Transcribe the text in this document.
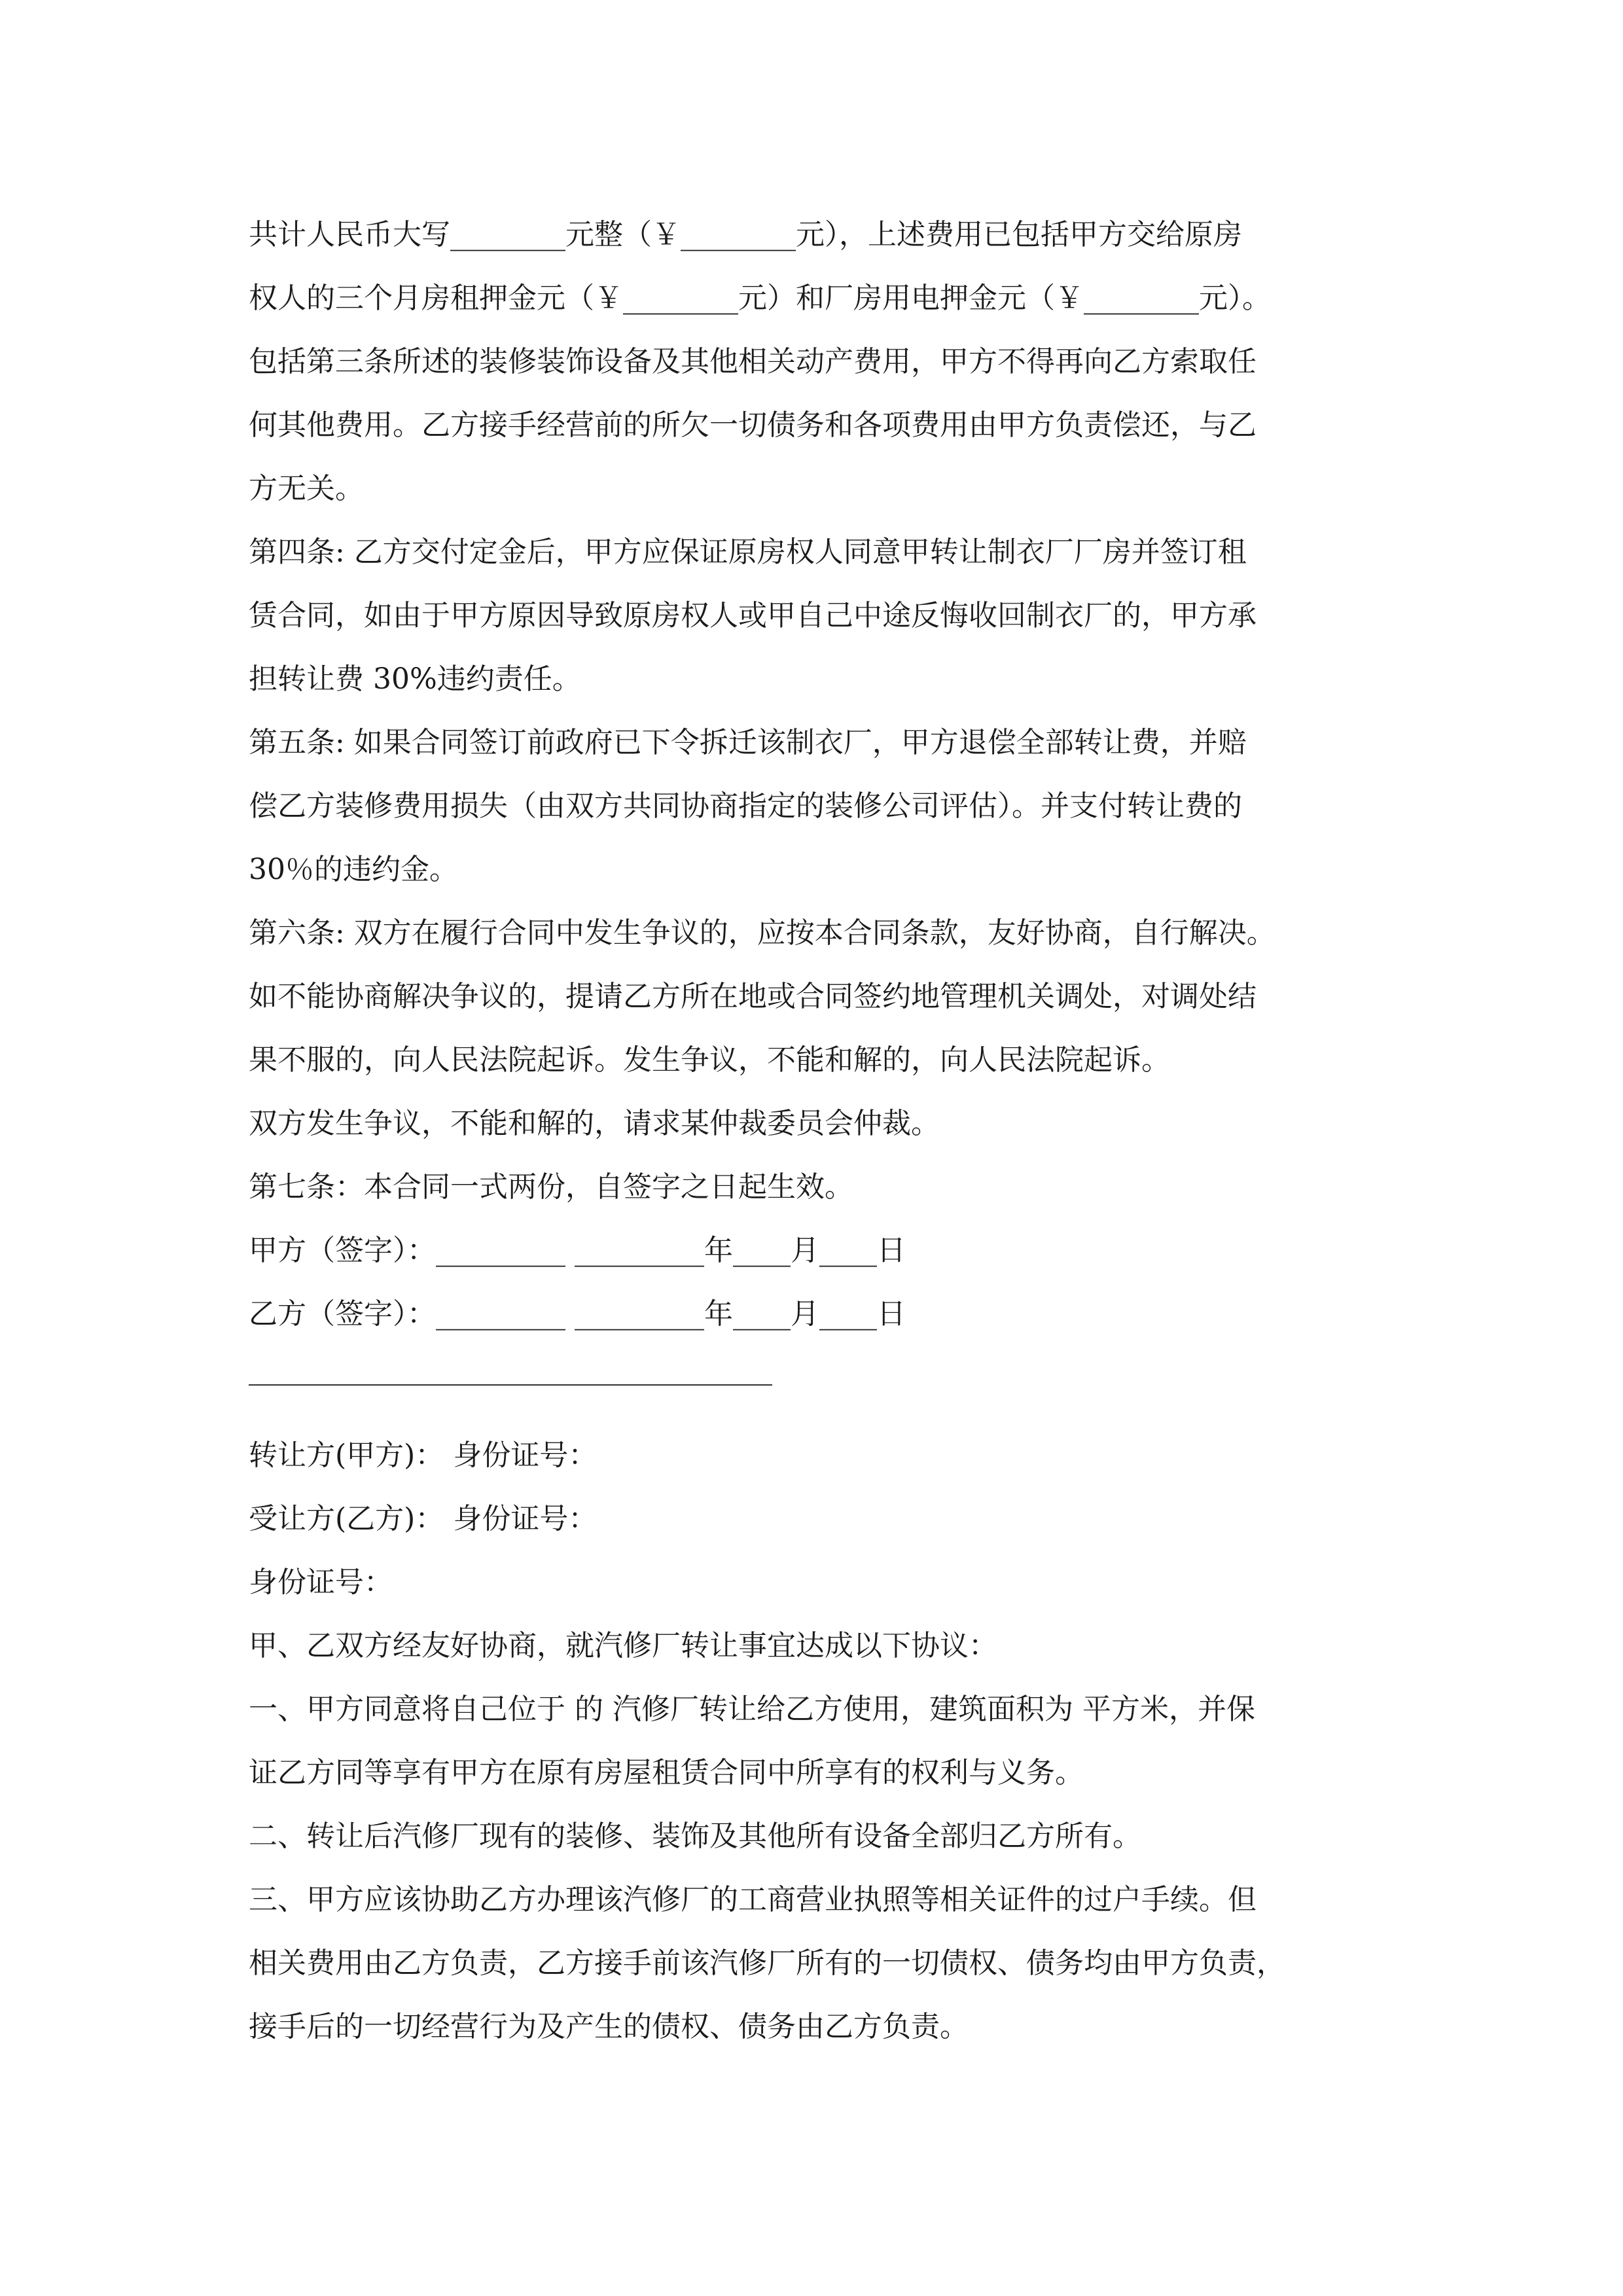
共计人民币大写________元整（￥________元），上述费用已包括甲方交给原房
权人的三个月房租押金元（￥________元）和厂房用电押金元（￥________元）。
包括第三条所述的装修装饰设备及其他相关动产费用，甲方不得再向乙方索取任
何其他费用。乙方接手经营前的所欠一切债务和各项费用由甲方负责偿还，与乙
方无关。
第四条: 乙方交付定金后，甲方应保证原房权人同意甲转让制衣厂厂房并签订租
赁合同，如由于甲方原因导致原房权人或甲自己中途反悔收回制衣厂的，甲方承
担转让费 30%违约责任。
第五条: 如果合同签订前政府已下令拆迁该制衣厂，甲方退偿全部转让费，并赔
偿乙方装修费用损失（由双方共同协商指定的装修公司评估）。并支付转让费的
30％的违约金。
第六条: 双方在履行合同中发生争议的，应按本合同条款，友好协商，自行解决。
如不能协商解决争议的，提请乙方所在地或合同签约地管理机关调处，对调处结
果不服的，向人民法院起诉。发生争议，不能和解的，向人民法院起诉。
双方发生争议，不能和解的，请求某仲裁委员会仲裁。
第七条：本合同一式两份，自签字之日起生效。
甲方（签字）：_________ _________年____月____日
乙方（签字）：_________ _________年____月____日
转让方(甲方)： 身份证号：
受让方(乙方)： 身份证号：
身份证号：
甲、乙双方经友好协商，就汽修厂转让事宜达成以下协议：
一、甲方同意将自己位于 的 汽修厂转让给乙方使用，建筑面积为 平方米，并保
证乙方同等享有甲方在原有房屋租赁合同中所享有的权利与义务。
二、转让后汽修厂现有的装修、装饰及其他所有设备全部归乙方所有。
三、甲方应该协助乙方办理该汽修厂的工商营业执照等相关证件的过户手续。但
相关费用由乙方负责，乙方接手前该汽修厂所有的一切债权、债务均由甲方负责，
接手后的一切经营行为及产生的债权、债务由乙方负责。
